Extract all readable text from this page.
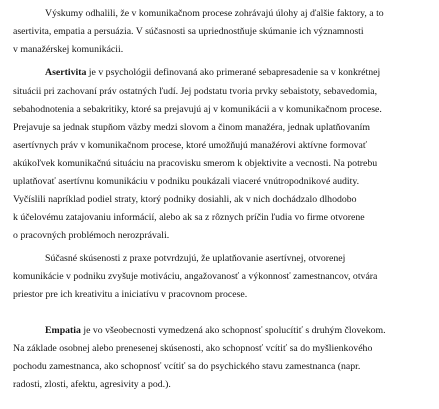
Výskumy odhalili, že v komunikačnom procese zohrávajú úlohy aj ďalšie faktory, a to
asertivita, empatia a persuázia. V súčasnosti sa upriednostňuje skúmanie ich významnosti
v manažérskej komunikácii.
Asertivita je v psychológii definovaná ako primerané sebapresadenie sa v konkrétnej
situácii pri zachovaní práv ostatných ľudí. Jej podstatu tvoria prvky sebaistoty, sebavedomia,
sebahodnotenia a sebakritiky, ktoré sa prejavujú aj v komunikácii a v komunikačnom procese.
Prejavuje sa jednak stupňom väzby medzi slovom a činom manažéra, jednak uplatňovaním
asertívnych práv v komunikačnom procese, ktoré umožňujú manažérovi aktívne formovať
akúkoľvek komunikačnú situáciu na pracovisku smerom k objektivite a vecnosti. Na potrebu
uplatňovať asertívnu komunikáciu v podniku poukázali viaceré vnútropodnikové audity.
Vyčíslili napríklad podiel straty, ktorý podniky dosiahli, ak v nich dochádzalo dlhodobo
k účelovému zatajovaniu informácií, alebo ak sa z rôznych príčin ľudia vo firme otvorene
o pracovných problémoch nerozprávali.
Súčasné skúsenosti z praxe potvrdzujú, že uplatňovanie asertívnej, otvorenej
komunikácie v podniku zvyšuje motiváciu, angažovanosť a výkonnosť zamestnancov, otvára
priestor pre ich kreativitu a iniciatívu v pracovnom procese.
Empatia je vo všeobecnosti vymedzená ako schopnosť spolucítiť s druhým človekom.
Na základe osobnej alebo prenesenej skúsenosti, ako schopnosť vcítiť sa do myšlienkového
pochodu zamestnanca, ako schopnosť vcítiť sa do psychického stavu zamestnanca (napr.
radosti, zlosti, afektu, agresivity a pod.).
